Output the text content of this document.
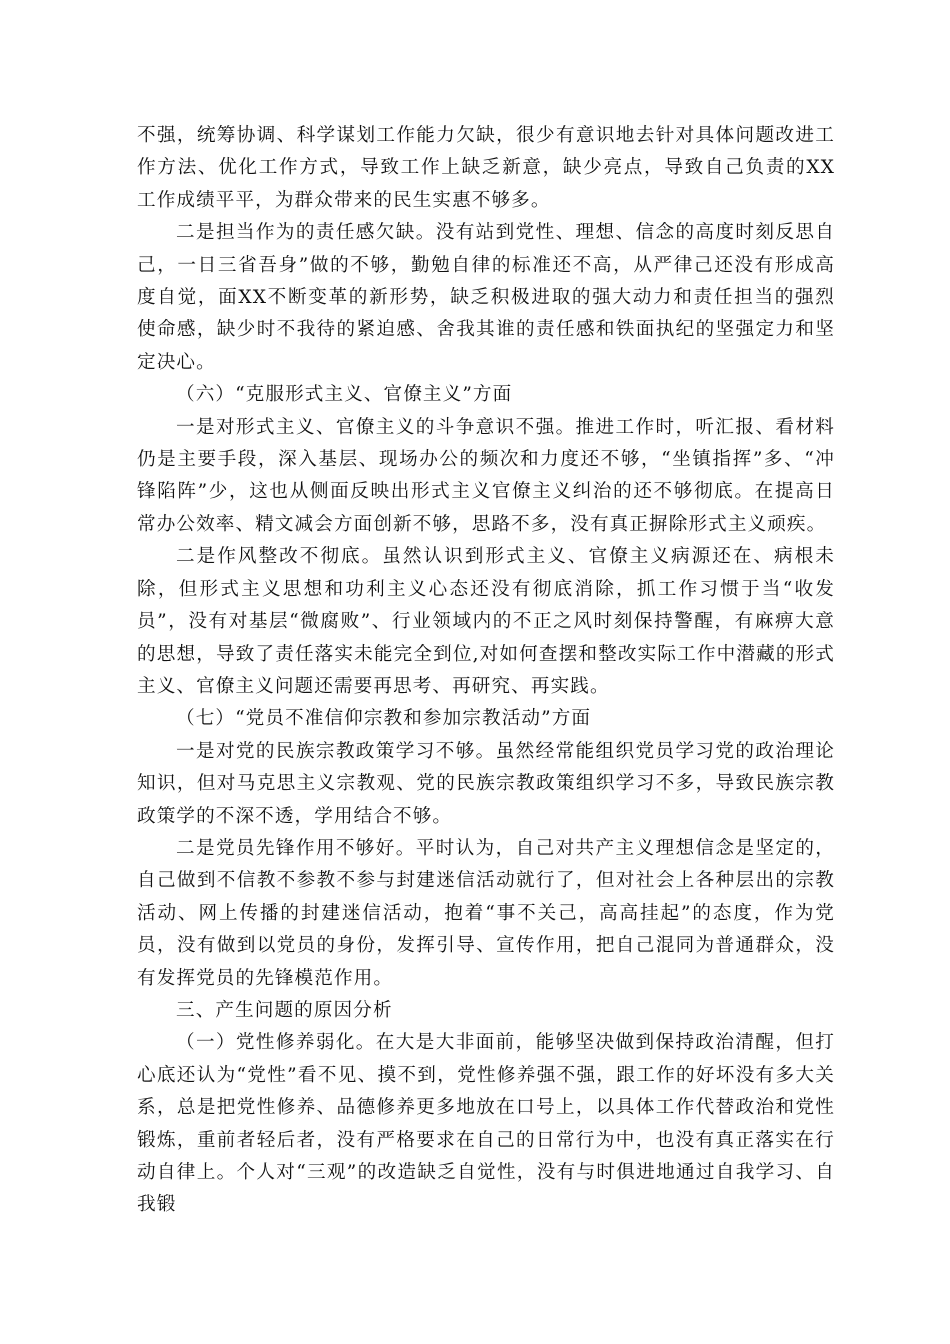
不强，统筹协调、科学谋划工作能力欠缺，很少有意识地去针对具体问题改进工作方法、优化工作方式，导致工作上缺乏新意，缺少亮点，导致自己负责的XX工作成绩平平，为群众带来的民生实惠不够多。

二是担当作为的责任感欠缺。没有站到党性、理想、信念的高度时刻反思自己，一日三省吾身”做的不够，勤勉自律的标准还不高，从严律己还没有形成高度自觉，面XX不断变革的新形势，缺乏积极进取的强大动力和责任担当的强烈使命感，缺少时不我待的紧迫感、舍我其谁的责任感和铁面执纪的坚强定力和坚定决心。

（六）“克服形式主义、官僚主义”方面

一是对形式主义、官僚主义的斗争意识不强。推进工作时，听汇报、看材料仍是主要手段，深入基层、现场办公的频次和力度还不够，“坐镇指挥”多、“冲锋陷阵”少，这也从侧面反映出形式主义官僚主义纠治的还不够彻底。在提高日常办公效率、精文减会方面创新不够，思路不多，没有真正摒除形式主义顽疾。

二是作风整改不彻底。虽然认识到形式主义、官僚主义病源还在、病根未除，但形式主义思想和功利主义心态还没有彻底消除，抓工作习惯于当“收发员”，没有对基层“微腐败”、行业领域内的不正之风时刻保持警醒，有麻痹大意的思想，导致了责任落实未能完全到位,对如何查摆和整改实际工作中潜藏的形式主义、官僚主义问题还需要再思考、再研究、再实践。

（七）“党员不准信仰宗教和参加宗教活动”方面

一是对党的民族宗教政策学习不够。虽然经常能组织党员学习党的政治理论知识，但对马克思主义宗教观、党的民族宗教政策组织学习不多，导致民族宗教政策学的不深不透，学用结合不够。

二是党员先锋作用不够好。平时认为，自己对共产主义理想信念是坚定的，自己做到不信教不参教不参与封建迷信活动就行了，但对社会上各种层出的宗教活动、网上传播的封建迷信活动，抱着“事不关己，高高挂起”的态度，作为党员，没有做到以党员的身份，发挥引导、宣传作用，把自己混同为普通群众，没有发挥党员的先锋模范作用。

三、产生问题的原因分析

（一）党性修养弱化。在大是大非面前，能够坚决做到保持政治清醒，但打心底还认为“党性”看不见、摸不到，党性修养强不强，跟工作的好坏没有多大关系，总是把党性修养、品德修养更多地放在口号上，以具体工作代替政治和党性锻炼，重前者轻后者，没有严格要求在自己的日常行为中，也没有真正落实在行动自律上。个人对“三观”的改造缺乏自觉性，没有与时俱进地通过自我学习、自我锻
